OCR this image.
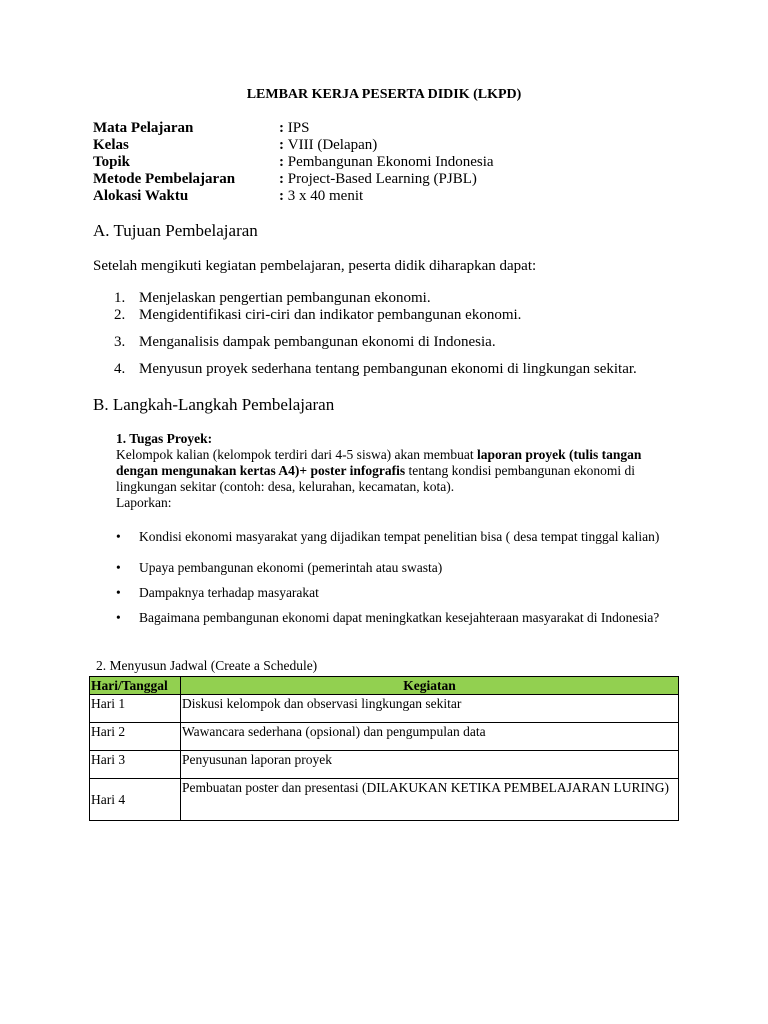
LEMBAR KERJA PESERTA DIDIK (LKPD)
Mata Pelajaran	: IPS
Kelas	: VIII (Delapan)
Topik	: Pembangunan Ekonomi Indonesia
Metode Pembelajaran	: Project-Based Learning (PJBL)
Alokasi Waktu	: 3 x 40 menit
A. Tujuan Pembelajaran
Setelah mengikuti kegiatan pembelajaran, peserta didik diharapkan dapat:
1. Menjelaskan pengertian pembangunan ekonomi.
2. Mengidentifikasi ciri-ciri dan indikator pembangunan ekonomi.
3. Menganalisis dampak pembangunan ekonomi di Indonesia.
4. Menyusun proyek sederhana tentang pembangunan ekonomi di lingkungan sekitar.
B. Langkah-Langkah Pembelajaran
1. Tugas Proyek:
Kelompok kalian (kelompok terdiri dari 4-5 siswa) akan membuat laporan proyek (tulis tangan dengan mengunakan kertas A4)+ poster infografis tentang kondisi pembangunan ekonomi di lingkungan sekitar (contoh: desa, kelurahan, kecamatan, kota).
Laporkan:
•	Kondisi ekonomi masyarakat yang dijadikan tempat penelitian bisa ( desa tempat tinggal kalian)
•	Upaya pembangunan ekonomi (pemerintah atau swasta)
•	Dampaknya terhadap masyarakat
•	Bagaimana pembangunan ekonomi dapat meningkatkan kesejahteraan masyarakat di Indonesia?
2. Menyusun Jadwal (Create a Schedule)
Hari/Tanggal	Kegiatan
Hari 1	Diskusi kelompok dan observasi lingkungan sekitar
Hari 2	Wawancara sederhana (opsional) dan pengumpulan data
Hari 3	Penyusunan laporan proyek
Hari 4	Pembuatan poster dan presentasi (DILAKUKAN KETIKA PEMBELAJARAN LURING)
